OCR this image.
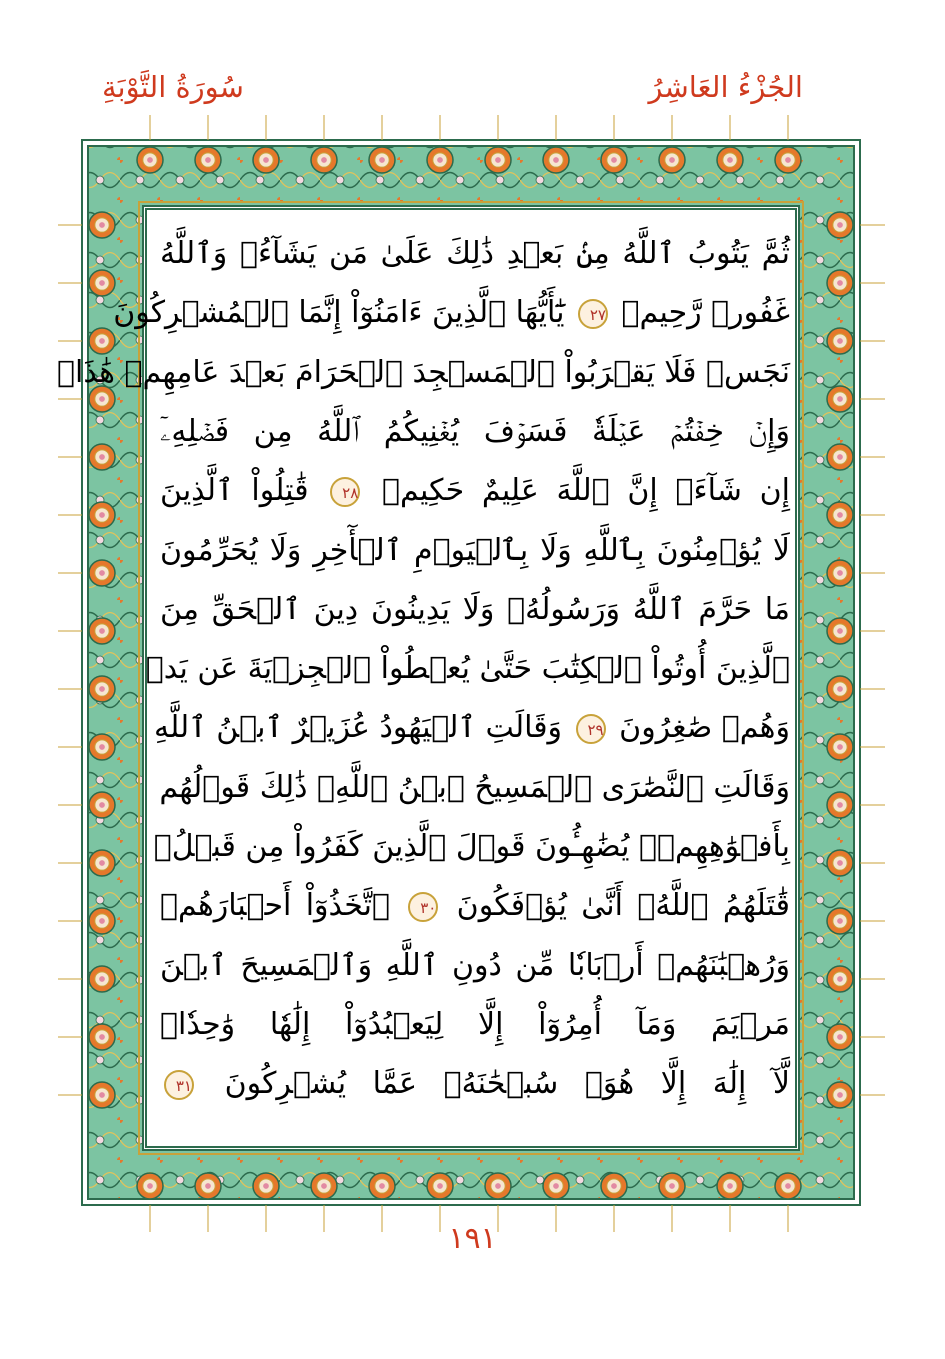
الجُزْءُ العَاشِرُ
سُورَةُ التَّوْبَةِ
ثُمَّ يَتُوبُ ٱللَّهُ مِنۢ بَعۡدِ ذَٰلِكَ عَلَىٰ مَن يَشَآءُۗ وَٱللَّهُ
غَفُورٞ رَّحِيمٞ ٢٧ يَٰٓأَيُّهَا ٱلَّذِينَ ءَامَنُوٓاْ إِنَّمَا ٱلۡمُشۡرِكُونَ
نَجَسٞ فَلَا يَقۡرَبُواْ ٱلۡمَسۡجِدَ ٱلۡحَرَامَ بَعۡدَ عَامِهِمۡ هَٰذَاۚ
وَإِنۡ خِفۡتُمۡ عَيۡلَةٗ فَسَوۡفَ يُغۡنِيكُمُ ٱللَّهُ مِن فَضۡلِهِۦٓ
إِن شَآءَۚ إِنَّ ٱللَّهَ عَلِيمٌ حَكِيمٞ ٢٨ قَٰتِلُواْ ٱلَّذِينَ
لَا يُؤۡمِنُونَ بِٱللَّهِ وَلَا بِٱلۡيَوۡمِ ٱلۡأٓخِرِ وَلَا يُحَرِّمُونَ
مَا حَرَّمَ ٱللَّهُ وَرَسُولُهُۥ وَلَا يَدِينُونَ دِينَ ٱلۡحَقِّ مِنَ
ٱلَّذِينَ أُوتُواْ ٱلۡكِتَٰبَ حَتَّىٰ يُعۡطُواْ ٱلۡجِزۡيَةَ عَن يَدٖ
وَهُمۡ صَٰغِرُونَ ٢٩ وَقَالَتِ ٱلۡيَهُودُ عُزَيۡرٌ ٱبۡنُ ٱللَّهِ
وَقَالَتِ ٱلنَّصَٰرَى ٱلۡمَسِيحُ ٱبۡنُ ٱللَّهِۖ ذَٰلِكَ قَوۡلُهُم
بِأَفۡوَٰهِهِمۡۖ يُضَٰهِـُٔونَ قَوۡلَ ٱلَّذِينَ كَفَرُواْ مِن قَبۡلُۚ
قَٰتَلَهُمُ ٱللَّهُۖ أَنَّىٰ يُؤۡفَكُونَ ٣٠ ٱتَّخَذُوٓاْ أَحۡبَارَهُمۡ
وَرُهۡبَٰنَهُمۡ أَرۡبَابٗا مِّن دُونِ ٱللَّهِ وَٱلۡمَسِيحَ ٱبۡنَ
مَرۡيَمَ وَمَآ أُمِرُوٓاْ إِلَّا لِيَعۡبُدُوٓاْ إِلَٰهٗا وَٰحِدٗاۖ
لَّآ إِلَٰهَ إِلَّا هُوَۚ سُبۡحَٰنَهُۥ عَمَّا يُشۡرِكُونَ ٣١
١٩١
